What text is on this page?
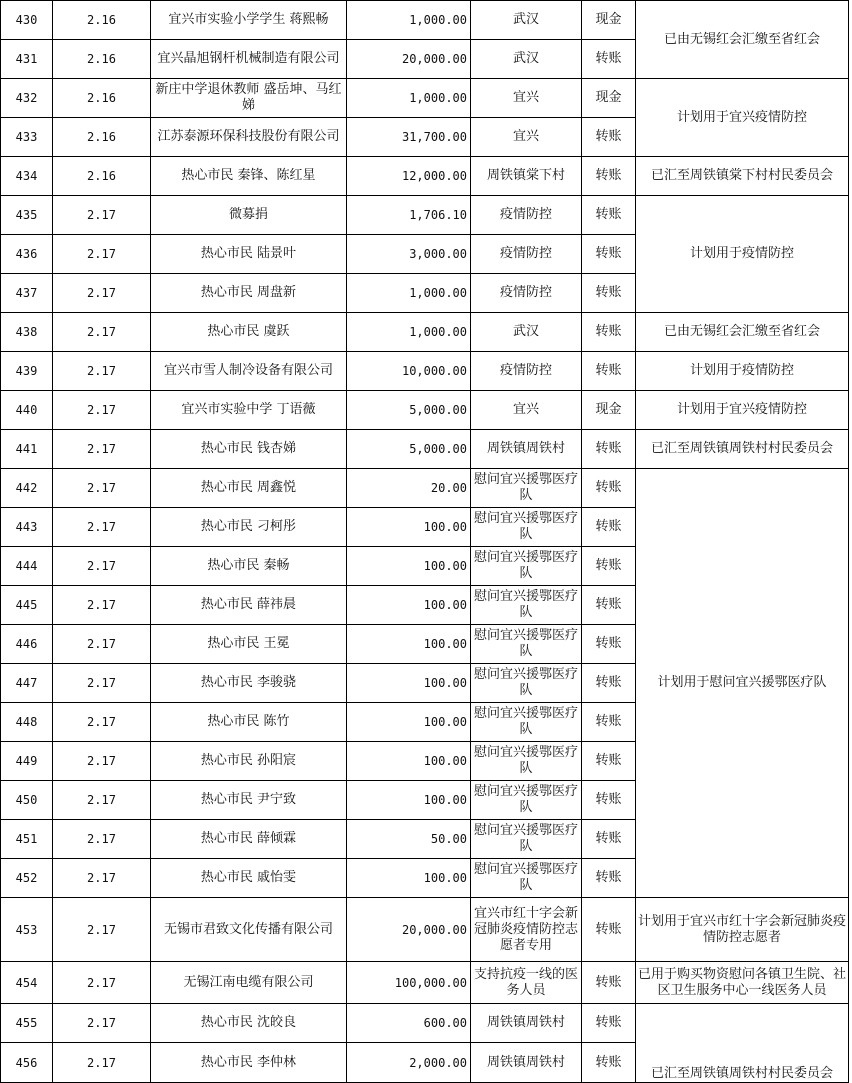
430	2.16	宜兴市实验小学学生 蒋熙畅	1,000.00	武汉	现金	已由无锡红会汇缴至省红会
431	2.16	宜兴晶旭钢杆机械制造有限公司	20,000.00	武汉	转账	
432	2.16	新庄中学退休教师 盛岳坤、马红娣	1,000.00	宜兴	现金	计划用于宜兴疫情防控
433	2.16	江苏泰源环保科技股份有限公司	31,700.00	宜兴	转账	
434	2.16	热心市民 秦锋、陈红星	12,000.00	周铁镇棠下村	转账	已汇至周铁镇棠下村村民委员会
435	2.17	微募捐	1,706.10	疫情防控	转账	计划用于疫情防控
436	2.17	热心市民 陆景叶	3,000.00	疫情防控	转账	
437	2.17	热心市民 周盘新	1,000.00	疫情防控	转账	
438	2.17	热心市民 虞跃	1,000.00	武汉	转账	已由无锡红会汇缴至省红会
439	2.17	宜兴市雪人制冷设备有限公司	10,000.00	疫情防控	转账	计划用于疫情防控
440	2.17	宜兴市实验中学 丁语薇	5,000.00	宜兴	现金	计划用于宜兴疫情防控
441	2.17	热心市民 钱杏娣	5,000.00	周铁镇周铁村	转账	已汇至周铁镇周铁村村民委员会
442	2.17	热心市民 周鑫悦	20.00	慰问宜兴援鄂医疗队	转账	计划用于慰问宜兴援鄂医疗队
443	2.17	热心市民 刁柯彤	100.00	慰问宜兴援鄂医疗队	转账	
444	2.17	热心市民 秦畅	100.00	慰问宜兴援鄂医疗队	转账	
445	2.17	热心市民 薛祎晨	100.00	慰问宜兴援鄂医疗队	转账	
446	2.17	热心市民 王冕	100.00	慰问宜兴援鄂医疗队	转账	
447	2.17	热心市民 李骏骁	100.00	慰问宜兴援鄂医疗队	转账	
448	2.17	热心市民 陈竹	100.00	慰问宜兴援鄂医疗队	转账	
449	2.17	热心市民 孙阳宸	100.00	慰问宜兴援鄂医疗队	转账	
450	2.17	热心市民 尹宁致	100.00	慰问宜兴援鄂医疗队	转账	
451	2.17	热心市民 薛倾霖	50.00	慰问宜兴援鄂医疗队	转账	
452	2.17	热心市民 戚怡雯	100.00	慰问宜兴援鄂医疗队	转账	
453	2.17	无锡市君致文化传播有限公司	20,000.00	宜兴市红十字会新冠肺炎疫情防控志愿者专用	转账	计划用于宜兴市红十字会新冠肺炎疫情防控志愿者
454	2.17	无锡江南电缆有限公司	100,000.00	支持抗疫一线的医务人员	转账	已用于购买物资慰问各镇卫生院、社区卫生服务中心一线医务人员
455	2.17	热心市民 沈皎良	600.00	周铁镇周铁村	转账	已汇至周铁镇周铁村村民委员会
456	2.17	热心市民 李仲林	2,000.00	周铁镇周铁村	转账	
